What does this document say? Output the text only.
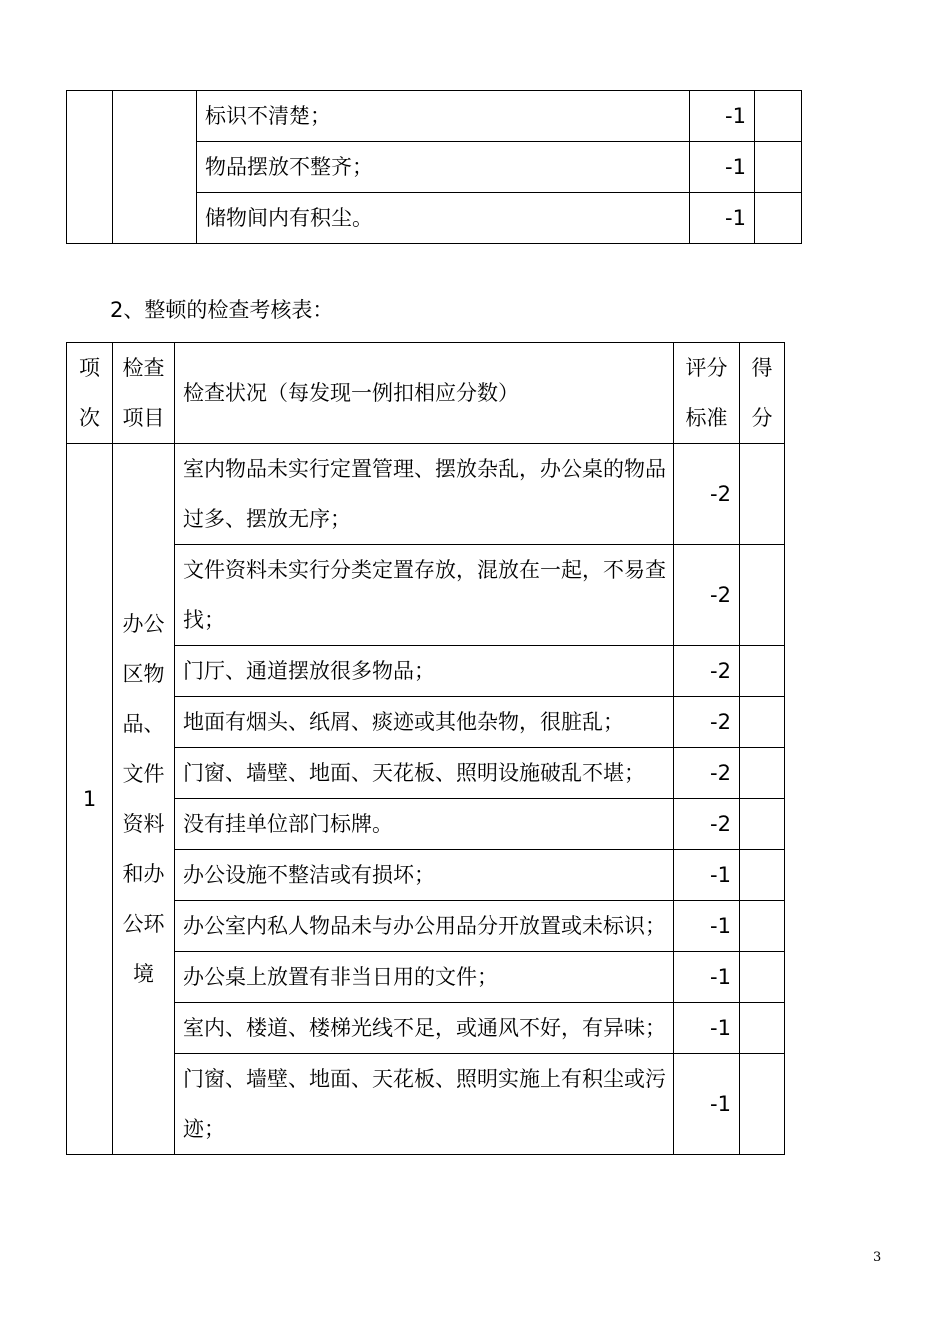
		标识不清楚；	-1	
		物品摆放不整齐；	-1	
		储物间内有积尘。	-1	
2、整顿的检查考核表：
项次	检查项目	检查状况（每发现一例扣相应分数）	评分标准	得分
1	办公区物品、文件资料和办公环境	室内物品未实行定置管理、摆放杂乱，办公桌的物品过多、摆放无序；	-2	
		文件资料未实行分类定置存放，混放在一起，不易查找；	-2	
		门厅、通道摆放很多物品；	-2	
		地面有烟头、纸屑、痰迹或其他杂物，很脏乱；	-2	
		门窗、墙壁、地面、天花板、照明设施破乱不堪；	-2	
		没有挂单位部门标牌。	-2	
		办公设施不整洁或有损坏；	-1	
		办公室内私人物品未与办公用品分开放置或未标识；	-1	
		办公桌上放置有非当日用的文件；	-1	
		室内、楼道、楼梯光线不足，或通风不好，有异味；	-1	
		门窗、墙壁、地面、天花板、照明实施上有积尘或污迹；	-1	
3
